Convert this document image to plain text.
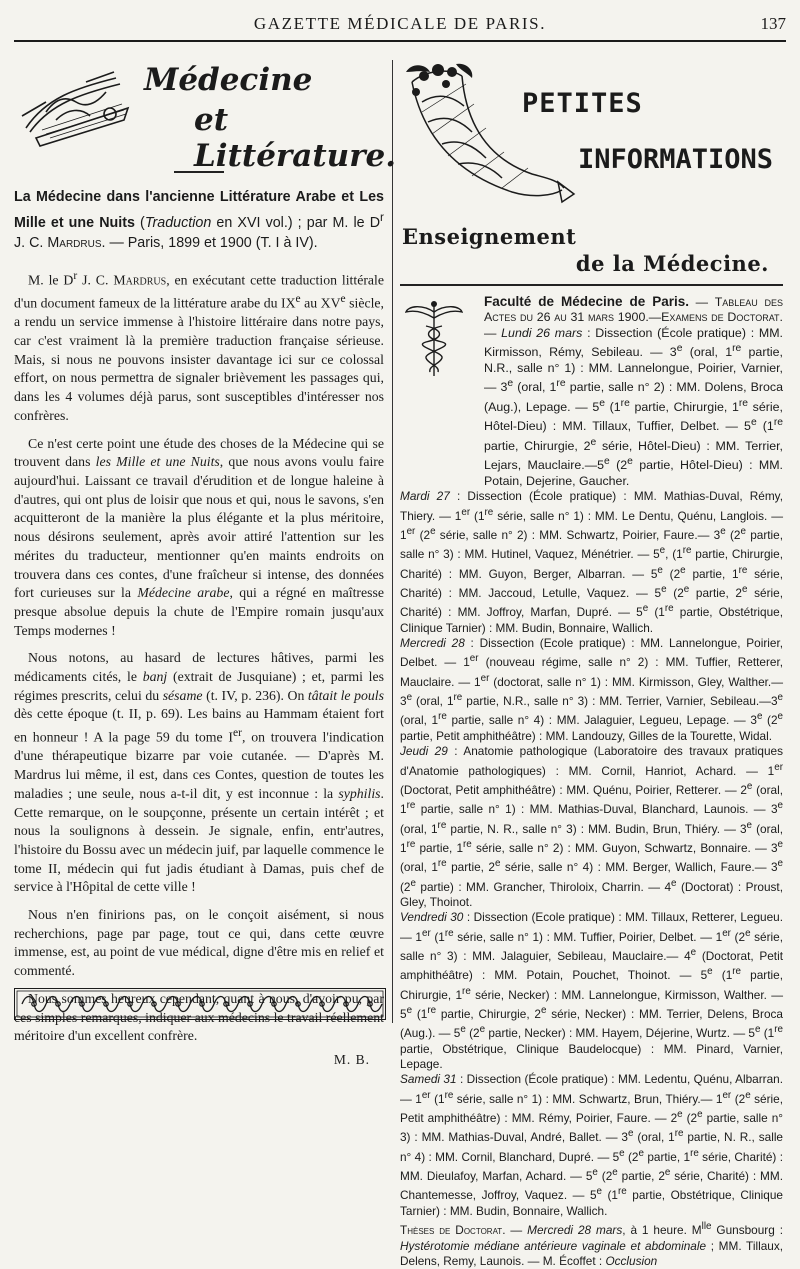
GAZETTE MÉDICALE DE PARIS.	137
Médecine
et Littérature.
La Médecine dans l'ancienne Littérature Arabe et Les Mille et une Nuits (Traduction en XVI vol.) ; par M. le $D^r$ J. C. Mardrus. — Paris, 1899 et 1900 (T. I à IV).

M. le $D^r$ J. C. Mardrus, en exécutant cette traduction littérale d'un document fameux de la littérature arabe du IXe au XVe siècle, a rendu un service immense à l'histoire littéraire dans notre pays, car c'est vraiment là la première traduction française sérieuse. Mais, si nous ne pouvons insister davantage ici sur ce colossal effort, on nous permettra de signaler brièvement les passages qui, dans les 4 volumes déjà parus, sont susceptibles d'intéresser nos confrères.

Ce n'est certe point une étude des choses de la Médecine qui se trouvent dans les Mille et une Nuits, que nous avons voulu faire aujourd'hui. Laissant ce travail d'érudition et de longue haleine à d'autres, qui ont plus de loisir que nous et qui, nous le savons, s'en acquitteront de la manière la plus élégante et la plus méritoire, nous désirons seulement, après avoir attiré l'attention sur les mérites du traducteur, mentionner qu'en maints endroits on trouvera dans ces contes, d'une fraîcheur si intense, des données fort curieuses sur la Médecine arabe, qui a régné en maîtresse presque absolue depuis la chute de l'Empire romain jusqu'aux Temps modernes !

Nous notons, au hasard de lectures hâtives, parmi les médicaments cités, le banj (extrait de Jusquiane) ; et, parmi les régimes prescrits, celui du sésame (t. IV, p. 236). On tâtait le pouls dès cette époque (t. II, p. 69). Les bains au Hammam étaient fort en honneur ! A la page 59 du tome Ier, on trouvera l'indication d'une thérapeutique bizarre par voie cutanée. — D'après M. Mardrus lui même, il est, dans ces Contes, question de toutes les maladies ; une seule, nous a-t-il dit, y est inconnue : la syphilis. Cette remarque, on le soupçonne, présente un certain intérêt ; et nous la soulignons à dessein. Je signale, enfin, entr'autres, l'histoire du Bossu avec un médecin juif, par laquelle commence le tome II, médecin qui fut jadis étudiant à Damas, puis chef de service à l'Hôpital de cette ville !

Nous n'en finirions pas, on le conçoit aisément, si nous recherchions, page par page, tout ce qui, dans cette œuvre immense, est, au point de vue médical, digne d'être mis en relief et commenté.

Nous sommes heureux cependant, quant à nous, d'avoir pu, par ces simples remarques, indiquer aux médecins le travail réellement méritoire d'un excellent confrère.

M. B.
PETITES
INFORMATIONS
Enseignement
de la Médecine.
Faculté de Médecine de Paris. — Tableau des Actes du 26 au 31 mars 1900.—Examens de Doctorat. — Lundi 26 mars : Dissection (École pratique) : MM. Kirmisson, Rémy, Sebileau. — 3e (oral, 1re partie, N.R., salle n° 1) : MM. Lannelongue, Poirier, Varnier, — 3e (oral, 1re partie, salle n° 2) : MM. Dolens, Broca (Aug.), Lepage. — 5e (1re partie, Chirurgie, 1re série, Hôtel-Dieu) : MM. Tillaux, Tuffier, Delbet. — 5e (1re partie, Chirurgie, 2e série, Hôtel-Dieu) : MM. Terrier, Lejars, Mauclaire.—5e (2e partie, Hôtel-Dieu) : MM. Potain, Dejerine, Gaucher.
Mardi 27 : Dissection (École pratique) : MM. Mathias-Duval, Rémy, Thiery. — 1er (1re série, salle n° 1) : MM. Le Dentu, Quénu, Langlois. — 1er (2e série, salle n° 2) : MM. Schwartz, Poirier, Faure.— 3e (2e partie, salle n° 3) : MM. Hutinel, Vaquez, Ménétrier. — 5e, (1re partie, Chirurgie, Charité) : MM. Guyon, Berger, Albarran. — 5e (2e partie, 1re série, Charité) : MM. Jaccoud, Letulle, Vaquez. — 5e (2e partie, 2e série, Charité) : MM. Joffroy, Marfan, Dupré. — 5e (1re partie, Obstétrique, Clinique Tarnier) : MM. Budin, Bonnaire, Wallich.
Mercredi 28 : Dissection (Ecole pratique) : MM. Lannelongue, Poirier, Delbet. — 1er (nouveau régime, salle n° 2) : MM. Tuffier, Retterer, Mauclaire. — 1er (doctorat, salle n° 1) : MM. Kirmisson, Gley, Walther.— 3e (oral, 1re partie, N.R., salle n° 3) : MM. Terrier, Varnier, Sebileau.—3e (oral, 1re partie, salle n° 4) : MM. Jalaguier, Legueu, Lepage. — 3e (2e partie, Petit amphithéâtre) : MM. Landouzy, Gilles de la Tourette, Widal.
Jeudi 29 : Anatomie pathologique (Laboratoire des travaux pratiques d'Anatomie pathologiques) : MM. Cornil, Hanriot, Achard. — 1er (Doctorat, Petit amphithéâtre) : MM. Quénu, Poirier, Retterer. — 2e (oral, 1re partie, salle n° 1) : MM. Mathias-Duval, Blanchard, Launois. — 3e (oral, 1re partie, N. R., salle n° 3) : MM. Budin, Brun, Thiéry. — 3e (oral, 1re partie, 1re série, salle n° 2) : MM. Guyon, Schwartz, Bonnaire. — 3e (oral, 1re partie, 2e série, salle n° 4) : MM. Berger, Wallich, Faure.— 3e (2e partie) : MM. Grancher, Thiroloix, Charrin. — 4e (Doctorat) : Proust, Gley, Thoinot.
Vendredi 30 : Dissection (Ecole pratique) : MM. Tillaux, Retterer, Legueu. — 1er (1re série, salle n° 1) : MM. Tuffier, Poirier, Delbet. — 1er (2e série, salle n° 3) : MM. Jalaguier, Sebileau, Mauclaire.— 4e (Doctorat, Petit amphithéâtre) : MM. Potain, Pouchet, Thoinot. — 5e (1re partie, Chirurgie, 1re série, Necker) : MM. Lannelongue, Kirmisson, Walther. — 5e (1re partie, Chirurgie, 2e série, Necker) : MM. Terrier, Delens, Broca (Aug.). — 5e (2e partie, Necker) : MM. Hayem, Déjerine, Wurtz. — 5e (1re partie, Obstétrique, Clinique Baudelocque) : MM. Pinard, Varnier, Lepage.
Samedi 31 : Dissection (École pratique) : MM. Ledentu, Quénu, Albarran.— 1er (1re série, salle n° 1) : MM. Schwartz, Brun, Thiéry.— 1er (2e série, Petit amphithéâtre) : MM. Rémy, Poirier, Faure. — 2e (2e partie, salle n° 3) : MM. Mathias-Duval, André, Ballet. — 3e (oral, 1re partie, N. R., salle n° 4) : MM. Cornil, Blanchard, Dupré. — 5e (2e partie, 1re série, Charité) : MM. Dieulafoy, Marfan, Achard. — 5e (2e partie, 2e série, Charité) : MM. Chantemesse, Joffroy, Vaquez. — 5e (1re partie, Obstétrique, Clinique Tarnier) : MM. Budin, Bonnaire, Wallich.
Thèses de Doctorat. — Mercredi 28 mars, à 1 heure. $M^{lle}$ Gunsbourg : Hystérotomie médiane antérieure vaginale et abdominale ; MM. Tillaux, Delens, Remy, Launois. — M. Écoffet : Occlusion
